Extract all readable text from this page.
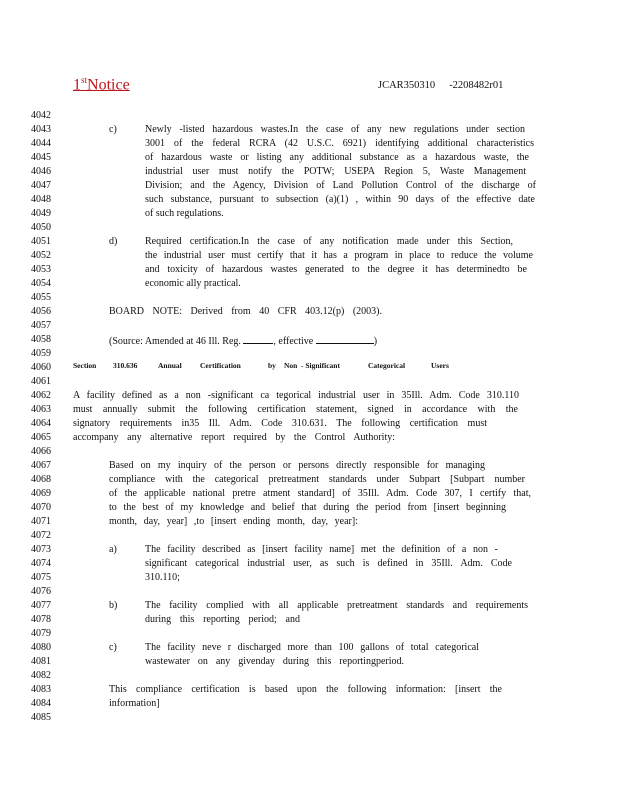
1stNotice	JCAR350310 -2208482r01
4042
4043
4044
4045
4046
4047
4048
4049
4050
4051
4052
4053
4054
4055
4056
4057
4058
4059
4060
4061
4062
4063
4064
4065
4066
4067
4068
4069
4070
4071
4072
4073
4074
4075
4076
4077
4078
4079
4080
4081
4082
4083
4084
4085
c)	Newly -listed hazardous wastes.In the case of any new regulations under section
3001 of the federal RCRA (42 U.S.C. 6921) identifying additional characteristics
of hazardous waste or listing any additional substance as a hazardous waste, the
industrial user must notify the POTW; USEPA Region 5, Waste Management
Division; and the Agency, Division of Land Pollution Control of the discharge of
such substance, pursuant to subsection (a)(1) , within 90 days of the effective date
of such regulations.
d)	Required certification.In the case of any notification made under this Section,
the industrial user must certify that it has a program in place to reduce the volume
and toxicity of hazardous wastes generated to the degree it has determinedto be
economic ally practical.
BOARD NOTE: Derived from 40 CFR 403.12(p) (2003).
(Source: Amended at 46 Ill. Reg.	, effective	)
Section 310.636	Annual Certification	by Non - Significant	Categorical	Users
A facility defined as a non -significant ca tegorical industrial user in 35Ill. Adm. Code 310.110
must annually submit the following certification statement, signed in accordance with the
signatory requirements in35 Ill. Adm. Code 310.631. The following certification must
accompany any alternative report required by the Control Authority:
Based on my inquiry of the person or persons directly responsible for managing
compliance with the categorical pretreatment standards under Subpart [Subpart number
of the applicable national pretre atment standard] of 35Ill. Adm. Code 307, I certify that,
to the best of my knowledge and belief that during the period from [insert beginning
month, day, year] ,to [insert ending month, day, year]:
a)	The facility described as [insert facility name] met the definition of a non -
significant categorical industrial user, as such is defined in 35Ill. Adm. Code
310.110;
b)	The facility complied with all applicable pretreatment standards and requirements
during this reporting period; and
c)	The facility neve r discharged more than 100 gallons of total categorical
wastewater on any givenday during this reportingperiod.
This compliance certification is based upon the following information: [insert the
information]
